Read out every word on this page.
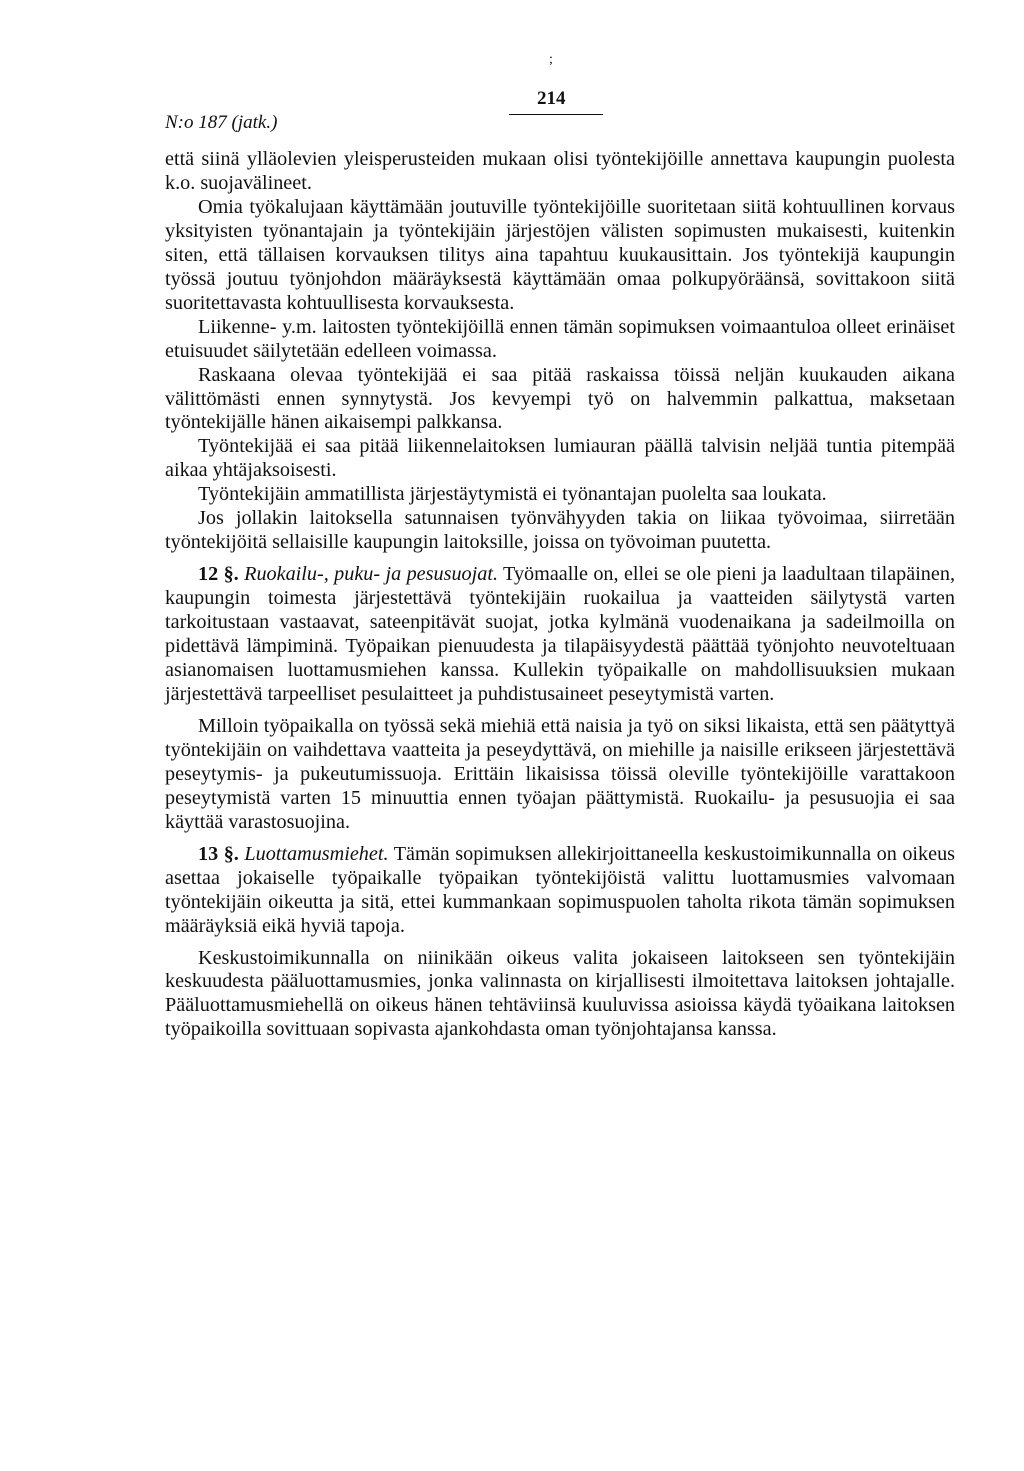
;
N:o 187 (jatk.)
214

että siinä ylläolevien yleisperusteiden mukaan olisi työntekijöille annettava kaupungin puolesta k.o. suojavälineet.

Omia työkalujaan käyttämään joutuville työntekijöille suoritetaan siitä kohtuullinen korvaus yksityisten työnantajain ja työntekijäin järjestöjen välisten sopimusten mukaisesti, kuitenkin siten, että tällaisen korvauksen tilitys aina tapahtuu kuukausittain. Jos työntekijä kaupungin työssä joutuu työnjohdon määräyksestä käyttämään omaa polkupyöräänsä, sovittakoon siitä suoritettavasta kohtuullisesta korvauksesta.

Liikenne- y.m. laitosten työntekijöillä ennen tämän sopimuksen voimaantuloa olleet erinäiset etuisuudet säilytetään edelleen voimassa.

Raskaana olevaa työntekijää ei saa pitää raskaissa töissä neljän kuukauden aikana välittömästi ennen synnytystä. Jos kevyempi työ on halvemmin palkattua, maksetaan työntekijälle hänen aikaisempi palkkansa.

Työntekijää ei saa pitää liikennelaitoksen lumiauran päällä talvisin neljää tuntia pitempää aikaa yhtäjaksoisesti.

Työntekijäin ammatillista järjestäytymistä ei työnantajan puolelta saa loukata.

Jos jollakin laitoksella satunnaisen työnvähyyden takia on liikaa työvoimaa, siirretään työntekijöitä sellaisille kaupungin laitoksille, joissa on työvoiman puutetta.

12 §. Ruokailu-, puku- ja pesusuojat. Työmaalle on, ellei se ole pieni ja laadultaan tilapäinen, kaupungin toimesta järjestettävä työntekijäin ruokailua ja vaatteiden säilytystä varten tarkoitustaan vastaavat, sateenpitävät suojat, jotka kylmänä vuodenaikana ja sadeilmoilla on pidettävä lämpiminä. Työpaikan pienuudesta ja tilapäisyydestä päättää työnjohto neuvoteltuaan asianomaisen luottamusmiehen kanssa. Kullekin työpaikalle on mahdollisuuksien mukaan järjestettävä tarpeelliset pesulaitteet ja puhdistusaineet peseytymistä varten.

Milloin työpaikalla on työssä sekä miehiä että naisia ja työ on siksi likaista, että sen päätyttyä työntekijäin on vaihdettava vaatteita ja peseydyttävä, on miehille ja naisille erikseen järjestettävä peseytymis- ja pukeutumissuoja. Erittäin likaisissa töissä oleville työntekijöille varattakoon peseytymistä varten 15 minuuttia ennen työajan päättymistä. Ruokailu- ja pesusuojia ei saa käyttää varastosuojina.

13 §. Luottamusmiehet. Tämän sopimuksen allekirjoittaneella keskustoimikunnalla on oikeus asettaa jokaiselle työpaikalle työpaikan työntekijöistä valittu luottamusmies valvomaan työntekijäin oikeutta ja sitä, ettei kummankaan sopimuspuolen taholta rikota tämän sopimuksen määräyksiä eikä hyviä tapoja.

Keskustoimikunnalla on niinikään oikeus valita jokaiseen laitokseen sen työntekijäin keskuudesta pääluottamusmies, jonka valinnasta on kirjallisesti ilmoitettava laitoksen johtajalle. Pääluottamusmiehellä on oikeus hänen tehtäviinsä kuuluvissa asioissa käydä työaikana laitoksen työpaikoilla sovittuaan sopivasta ajankohdasta oman työnjohtajansa kanssa.
